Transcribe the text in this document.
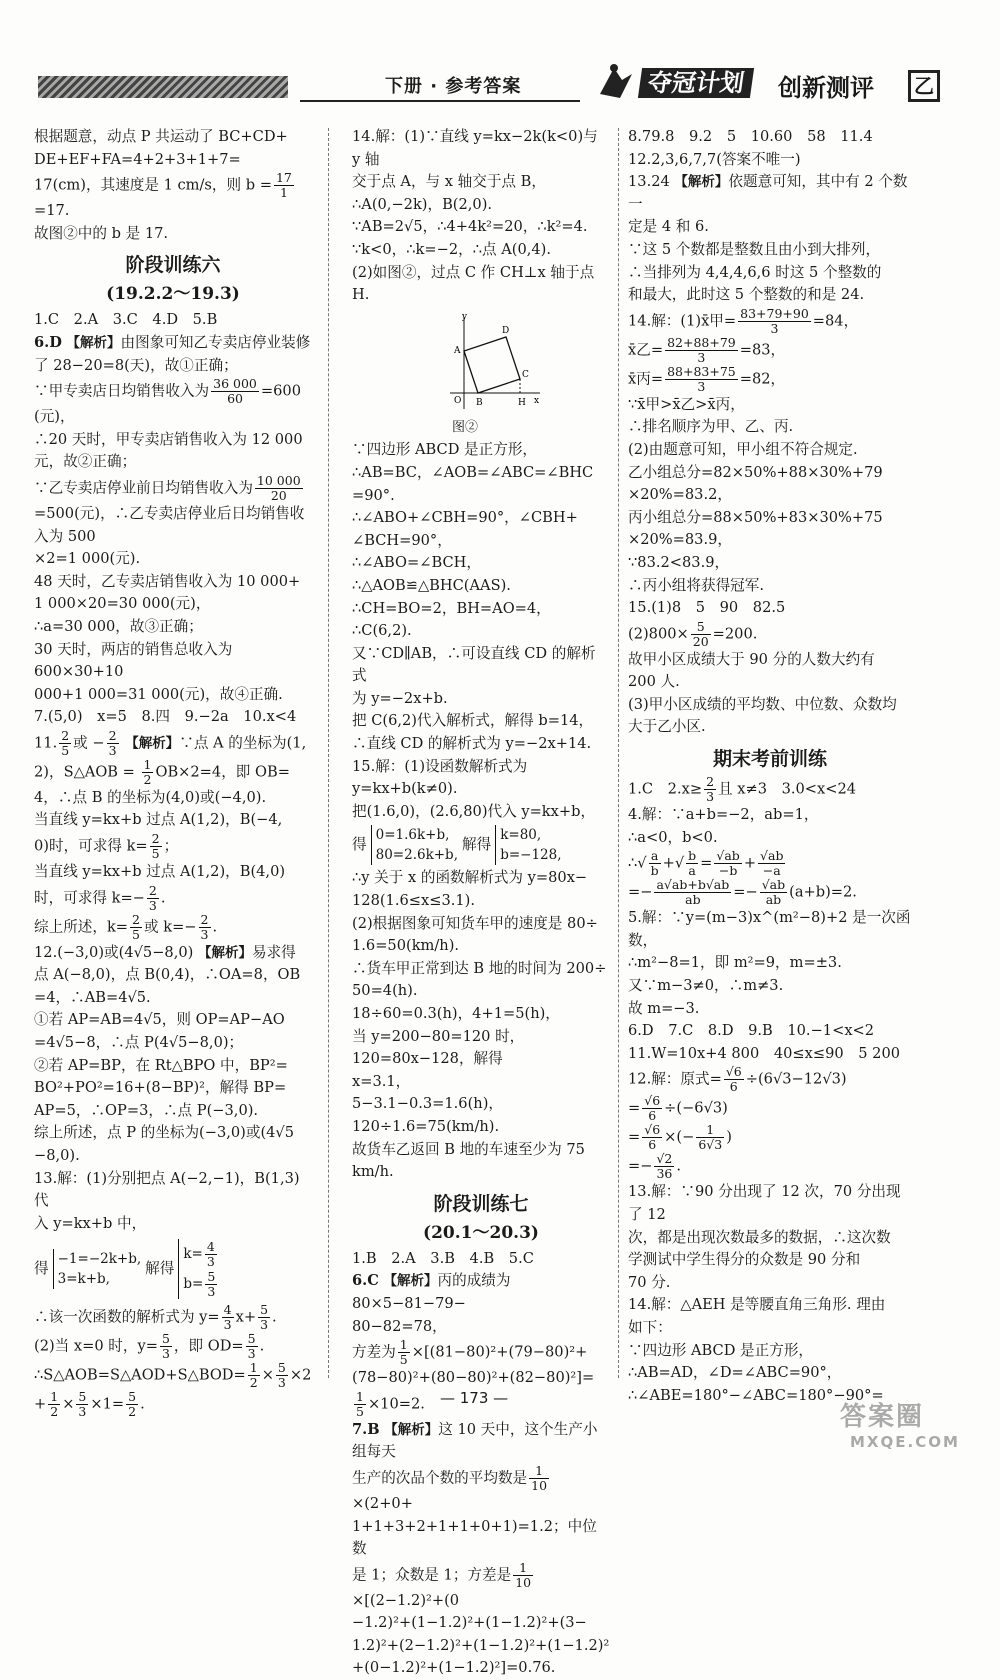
下册 · 参考答案	夺冠计划	创新测评	乙

根据题意，动点 P 共运动了 BC+CD+

DE+EF+FA=4+2+3+1+7=

17(cm)，其速度是 1 cm/s，则 $b = \frac{17}{1}$

=17.

故图②中的 b 是 17.

阶段训练六
(19.2.2～19.3)

1.C　2.A　3.C　4.D　5.B

6.D 【解析】由图象可知乙专卖店停业装修

了 28−20=8(天)，故①正确；

∵甲专卖店日均销售收入为 $\frac{36 000}{60} =600$

(元)，

∴20 天时，甲专卖店销售收入为 12 000

元，故②正确；

∵乙专卖店停业前日均销售收入为 $\frac{10 000}{20}$

=500(元)，∴乙专卖店停业后日均销售收入为 500

×2=1 000(元).

48 天时，乙专卖店销售收入为 10 000+

1 000×20=30 000(元)，

∴a=30 000，故③正确；

30 天时，两店的销售总收入为 600×30+10

000+1 000=31 000(元)，故④正确.

7.(5,0)　x=5　8.四　9.−2a　10.x<4

11. $\frac{2}{5}$ 或 − $\frac{2}{3}$ 【解析】∵点 A 的坐标为(1,

2)，S△AOB = $\frac{1}{2} OB\times 2=4$，即 OB=

4，∴点 B 的坐标为(4,0)或(−4,0).

当直线 y=kx+b 过点 A(1,2)，B(−4,

0)时，可求得 $k= \frac{2}{5}$ ；

当直线 y=kx+b 过点 A(1,2)，B(4,0)

时，可求得 $k=- \frac{2}{3}$ .

综上所述，$k= \frac{2}{5}$ 或 $k=- \frac{2}{3}$ .

12.(−3,0)或(4√5−8,0) 【解析】易求得

点 A(−8,0)，点 B(0,4)，∴OA=8，OB

=4，∴AB=4√5.

①若 AP=AB=4√5，则 OP=AP−AO

=4√5−8，∴点 P(4√5−8,0)；

②若 AP=BP，在 Rt△BPO 中，BP²=

BO²+PO²=16+(8−BP)²，解得 BP=

AP=5，∴OP=3，∴点 P(−3,0).

综上所述，点 P 的坐标为(−3,0)或(4√5

−8,0).

13.解：(1)分别把点 A(−2,−1)，B(1,3)代

入 y=kx+b 中，

得
−1=−2k+b,
3=k+b,
解得
$k= \frac{4}{3}$
$b= \frac{5}{3}$

∴该一次函数的解析式为 $y= \frac{4}{3} x+ \frac{5}{3}$ .

(2)当 x=0 时，$y= \frac{5}{3}$ ，即 $OD= \frac{5}{3}$ .

∴S△AOB=S△AOD+S△BOD= $\frac{1}{2} \times \frac{5}{3} \times 2$

+ $\frac{1}{2} \times \frac{5}{3} \times 1= \frac{5}{2}$ .

14.解：(1)∵直线 y=kx−2k(k<0)与 y 轴

交于点 A，与 x 轴交于点 B，

∴A(0,−2k)，B(2,0).

∵AB=2√5，∴4+4k²=20，∴k²=4.

∵k<0，∴k=−2，∴点 A(0,4).

(2)如图②，过点 C 作 CH⊥x 轴于点 H.

y
x
O
A
B
C
D
H
图②

∵四边形 ABCD 是正方形，

∴AB=BC，∠AOB=∠ABC=∠BHC

=90°.

∴∠ABO+∠CBH=90°，∠CBH+

∠BCH=90°，

∴∠ABO=∠BCH，

∴△AOB≌△BHC(AAS).

∴CH=BO=2，BH=AO=4，

∴C(6,2).

又∵CD∥AB，∴可设直线 CD 的解析式

为 y=−2x+b.

把 C(6,2)代入解析式，解得 b=14，

∴直线 CD 的解析式为 y=−2x+14.

15.解：(1)设函数解析式为 y=kx+b(k≠0).

把(1.6,0)，(2.6,80)代入 y=kx+b，

得
0=1.6k+b,
80=2.6k+b,
解得
k=80,
b=−128,

∴y 关于 x 的函数解析式为 y=80x−

128(1.6≤x≤3.1).

(2)根据图象可知货车甲的速度是 80÷

1.6=50(km/h).

∴货车甲正常到达 B 地的时间为 200÷

50=4(h).

18÷60=0.3(h)，4+1=5(h)，

当 y=200−80=120 时，120=80x−128，解得

x=3.1，

5−3.1−0.3=1.6(h)，

120÷1.6=75(km/h).

故货车乙返回 B 地的车速至少为 75

km/h.

阶段训练七
(20.1～20.3)

1.B　2.A　3.B　4.B　5.C

6.C 【解析】丙的成绩为 80×5−81−79−

80−82=78，

方差为 $\frac{1}{5} \times[(81-80)^2+(79-80)^2+$

(78−80)²+(80−80)²+(82−80)²]=

$\frac{1}{5} \times 10=2$.

7.B 【解析】这 10 天中，这个生产小组每天

生产的次品个数的平均数是 $\frac{1}{10}$
×(2+0+

1+1+3+2+1+1+0+1)=1.2；中位数

是 1；众数是 1；方差是 $\frac{1}{10}$
×[(2−1.2)²+(0

−1.2)²+(1−1.2)²+(1−1.2)²+(3−

1.2)²+(2−1.2)²+(1−1.2)²+(1−1.2)²

+(0−1.2)²+(1−1.2)²]=0.76.

8.79.8　9.2　5　10.60　58　11.4

12.2,3,6,7,7(答案不唯一)

13.24 【解析】依题意可知，其中有 2 个数一

定是 4 和 6.

∵这 5 个数都是整数且由小到大排列，

∴当排列为 4,4,4,6,6 时这 5 个整数的

和最大，此时这 5 个整数的和是 24.

14.解：(1)x̄甲= $\frac{83+79+90}{3} =84$，

x̄乙= $\frac{82+88+79}{3} =83$，

x̄丙= $\frac{88+83+75}{3} =82$，

∵x̄甲>x̄乙>x̄丙，

∴排名顺序为甲、乙、丙.

(2)由题意可知，甲小组不符合规定.

乙小组总分=82×50%+88×30%+79

×20%=83.2，

丙小组总分=88×50%+83×30%+75

×20%=83.9，

∵83.2<83.9，

∴丙小组将获得冠军.

15.(1)8　5　90　82.5

$(2)800\times \frac{5}{20} =200$.

故甲小区成绩大于 90 分的人数大约有

200 人.

(3)甲小区成绩的平均数、中位数、众数均

大于乙小区.

期末考前训练

1.C　$2.x\ge \frac{2}{3}$ 且 x≠3　3.0<x<24

4.解：∵a+b=−2，ab=1，

∴a<0，b<0.

∴√ $\frac{a}{b}$ +√ $\frac{b}{a} = \frac{√ab}{-b} + \frac{√ab}{-a}$

=− $\frac{a√ab+b√ab}{ab} =- \frac{√ab}{ab} (a+b)=2$.

5.解：∵y=(m−3)x^(m²−8)+2 是一次函数，

∴m²−8=1，即 m²=9，m=±3.

又∵m−3≠0，∴m≠3.

故 m=−3.

6.D　7.C　8.D　9.B　10.−1<x<2

11.W=10x+4 800　40≤x≤90　5 200

12.解：原式= $\frac{√6}{6} \div(6√3-12√3)$

= $\frac{√6}{6} \div(-6√3)$

= $\frac{√6}{6}$ ×(− $\frac{1}{6√3}$ )

=− $\frac{√2}{36}$ .

13.解：∵90 分出现了 12 次，70 分出现了 12

次，都是出现次数最多的数据，∴这次数

学测试中学生得分的众数是 90 分和

70 分.

14.解：△AEH 是等腰直角三角形. 理由

如下：

∵四边形 ABCD 是正方形，

∴AB=AD，∠D=∠ABC=90°，

∴∠ABE=180°−∠ABC=180°−90°=

— 173 —
答案圈
MXQE.COM
